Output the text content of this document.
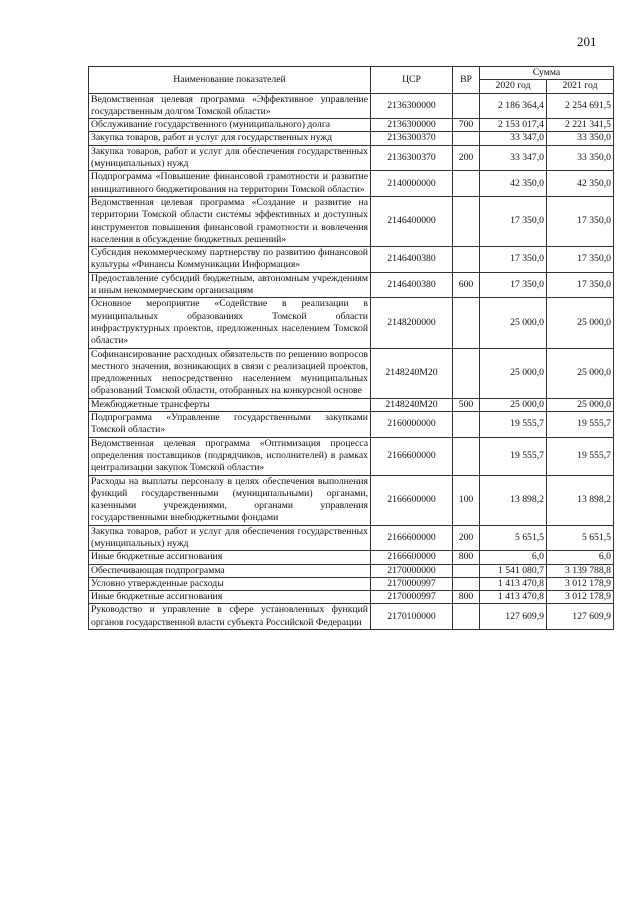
201
Наименование показателей	ЦСР	ВР	Сумма	
			2020 год	2021 год
Ведомственная целевая программа «Эффективное управление государственным долгом Томской области»	2136300000		2 186 364,4	2 254 691,5
Обслуживание государственного (муниципального) долга	2136300000	700	2 153 017,4	2 221 341,5
Закупка товаров, работ и услуг для государственных нужд	2136300370		33 347,0	33 350,0
Закупка товаров, работ и услуг для обеспечения государственных (муниципальных) нужд	2136300370	200	33 347,0	33 350,0
Подпрограмма «Повышение финансовой грамотности и развитие инициативного бюджетирования на территории Томской области»	2140000000		42 350,0	42 350,0
Ведомственная целевая программа «Создание и развитие на территории Томской области системы эффективных и доступных инструментов повышения финансовой грамотности и вовлечения населения в обсуждение бюджетных решений»	2146400000		17 350,0	17 350,0
Субсидия некоммерческому партнерству по развитию финансовой культуры «Финансы Коммуникации Информация»	2146400380		17 350,0	17 350,0
Предоставление субсидий бюджетным, автономным учреждениям и иным некоммерческим организациям	2146400380	600	17 350,0	17 350,0
Основное мероприятие «Содействие в реализации в муниципальных образованиях Томской области инфраструктурных проектов, предложенных населением Томской области»	2148200000		25 000,0	25 000,0
Софинансирование расходных обязательств по решению вопросов местного значения, возникающих в связи с реализацией проектов, предложенных непосредственно населением муниципальных образований Томской области, отобранных на конкурсной основе	2148240М20		25 000,0	25 000,0
Межбюджетные трансферты	2148240М20	500	25 000,0	25 000,0
Подпрограмма «Управление государственными закупками Томской области»	2160000000		19 555,7	19 555,7
Ведомственная целевая программа «Оптимизация процесса определения поставщиков (подрядчиков, исполнителей) в рамках централизации закупок Томской области»	2166600000		19 555,7	19 555,7
Расходы на выплаты персоналу в целях обеспечения выполнения функций государственными (муниципальными) органами, казенными учреждениями, органами управления государственными внебюджетными фондами	2166600000	100	13 898,2	13 898,2
Закупка товаров, работ и услуг для обеспечения государственных (муниципальных) нужд	2166600000	200	5 651,5	5 651,5
Иные бюджетные ассигнования	2166600000	800	6,0	6,0
Обеспечивающая подпрограмма	2170000000		1 541 080,7	3 139 788,8
Условно утвержденные расходы	2170000997		1 413 470,8	3 012 178,9
Иные бюджетные ассигнования	2170000997	800	1 413 470,8	3 012 178,9
Руководство и управление в сфере установленных функций органов государственной власти субъекта Российской Федерации	2170100000		127 609,9	127 609,9
